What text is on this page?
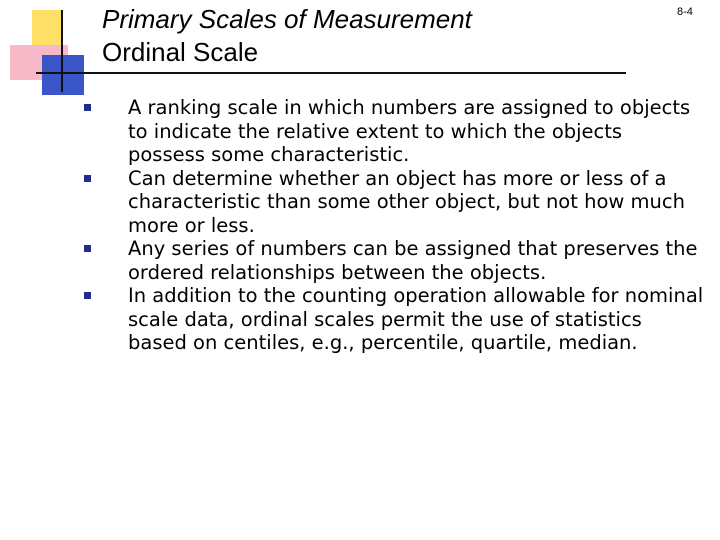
Primary Scales of Measurement
Ordinal Scale
8-4
A ranking scale in which numbers are assigned to objects to indicate the relative extent to which the objects possess some characteristic.
Can determine whether an object has more or less of a characteristic than some other object, but not how much more or less.
Any series of numbers can be assigned that preserves the ordered relationships between the objects.
In addition to the counting operation allowable for nominal scale data, ordinal scales permit the use of statistics based on centiles, e.g., percentile, quartile, median.
